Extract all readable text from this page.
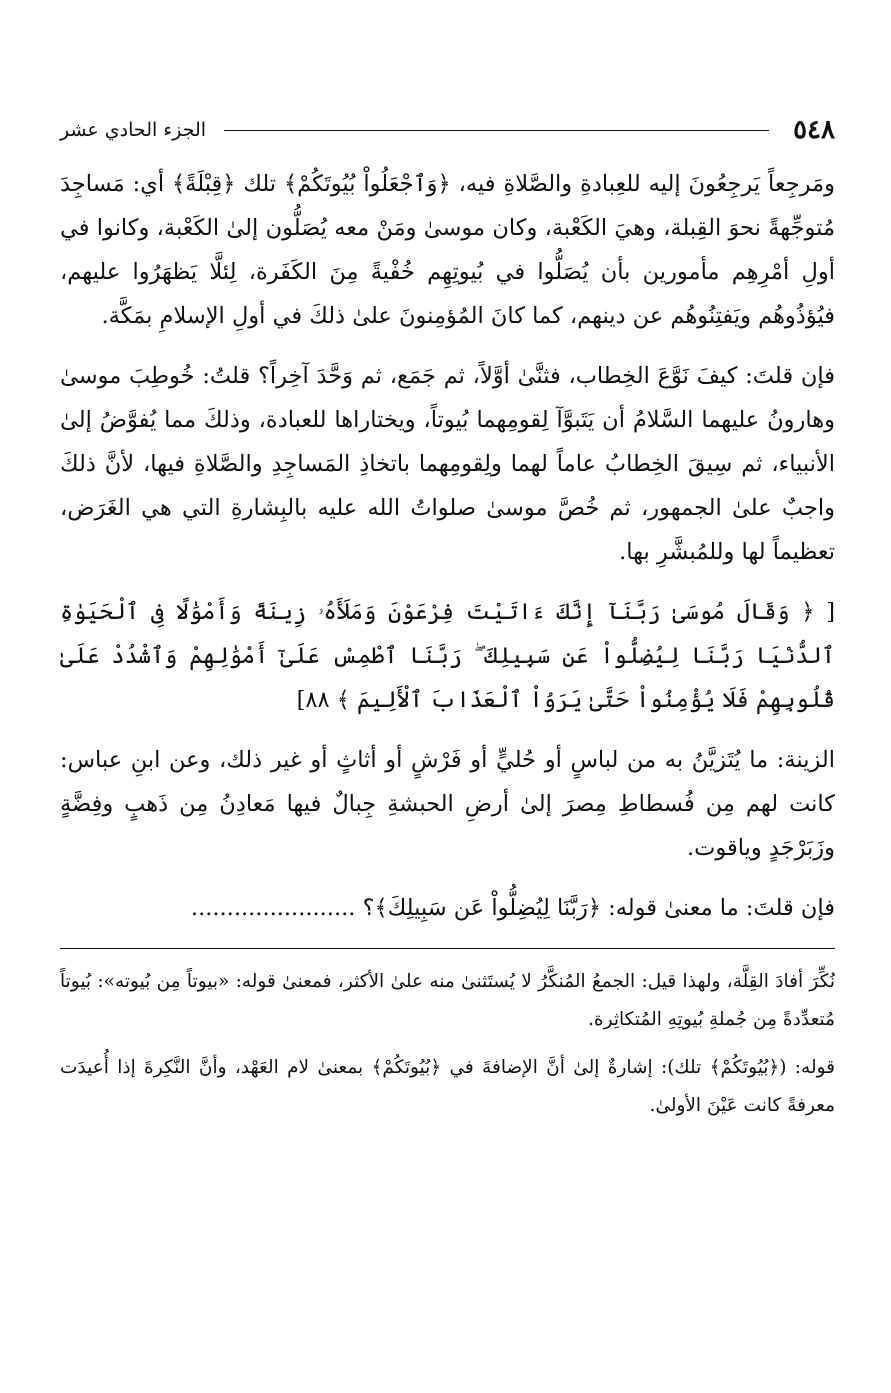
٥٤٨
الجزء الحادي عشر

ومَرجِعاً يَرجِعُونَ إليه للعِبادةِ والصَّلاةِ فيه، ﴿وَٱجْعَلُواْ بُيُوتَكُمْ﴾ تلك ﴿قِبْلَةً﴾ أي: مَساجِدَ مُتوجِّهةً نحوَ القِبلة، وهيَ الكَعْبة، وكان موسىٰ ومَنْ معه يُصَلُّون إلىٰ الكَعْبة، وكانوا في أولِ أمْرِهِم مأمورين بأن يُصَلُّوا في بُيوتِهِم خُفْيةً مِنَ الكَفَرة، لِئلَّا يَظهَرُوا عليهم، فيُؤذُوهُم ويَفتِنُوهُم عن دينهم، كما كانَ المُؤمِنونَ علىٰ ذلكَ في أولِ الإسلامِ بمَكَّة.

فإن قلتَ: كيفَ نَوَّعَ الخِطاب، فثنَّىٰ أوَّلاً، ثم جَمَع، ثم وَحَّدَ آخِراً؟ قلتُ: خُوطِبَ موسىٰ وهارونُ عليهما السَّلامُ أن يَتَبوَّآ لِقومِهما بُيوتاً، ويختاراها للعبادة، وذلكَ مما يُفوَّضُ إلىٰ الأنبياء، ثم سِيقَ الخِطابُ عاماً لهما ولِقومِهما باتخاذِ المَساجِدِ والصَّلاةِ فيها، لأنَّ ذلكَ واجبٌ علىٰ الجمهور، ثم خُصَّ موسىٰ صلواتُ الله عليه بالبِشارةِ التي هي الغَرَض، تعظيماً لها وللمُبشَّرِ بها.

[ ﴿ وَقَالَ مُوسَىٰ رَبَّنَآ إِنَّكَ ءَاتَيْتَ فِرْعَوْنَ وَمَلَأَهُۥ زِينَةً وَأَمْوَٰلًا فِى ٱلْحَيَوٰةِ ٱلدُّنْيَا رَبَّنَا لِيُضِلُّواْ عَن سَبِيلِكَ ۖ رَبَّنَا ٱطْمِسْ عَلَىٰٓ أَمْوَٰلِهِمْ وَٱشْدُدْ عَلَىٰ قُلُوبِهِمْ فَلَا يُؤْمِنُواْ حَتَّىٰ يَرَوُاْ ٱلْعَذَابَ ٱلْأَلِيمَ ﴾ ٨٨]

الزينة: ما يُتَزيَّنُ به من لباسٍ أو حُليٍّ أو فَرْشٍ أو أثاثٍ أو غير ذلك، وعن ابنِ عباس: كانت لهم مِن فُسطاطِ مِصرَ إلىٰ أرضِ الحبشةِ جِبالٌ فيها مَعادِنُ مِن ذَهبٍ وفِضَّةٍ وزَبَرْجَدٍ وياقوت.

فإن قلتَ: ما معنىٰ قوله: ﴿رَبَّنَا لِيُضِلُّواْ عَن سَبِيلِكَ﴾؟ .......................

نُكِّرَ أفادَ القِلَّة، ولهذا قيل: الجمعُ المُنكَّرُ لا يُستَثنىٰ منه علىٰ الأكثر، فمعنىٰ قوله: «بيوتاً مِن بُيوته»: بُيوتاً مُتعدِّدةً مِن جُملةِ بُيوتِهِ المُتكاثِرة.

قوله: (﴿بُيُوتَكُمْ﴾ تلك): إشارةٌ إلىٰ أنَّ الإضافةَ في ﴿بُيُوتَكُمْ﴾ بمعنىٰ لام العَهْد، وأنَّ النَّكِرةَ إذا أُعيدَت معرفةً كانت عَيْنَ الأولىٰ.
